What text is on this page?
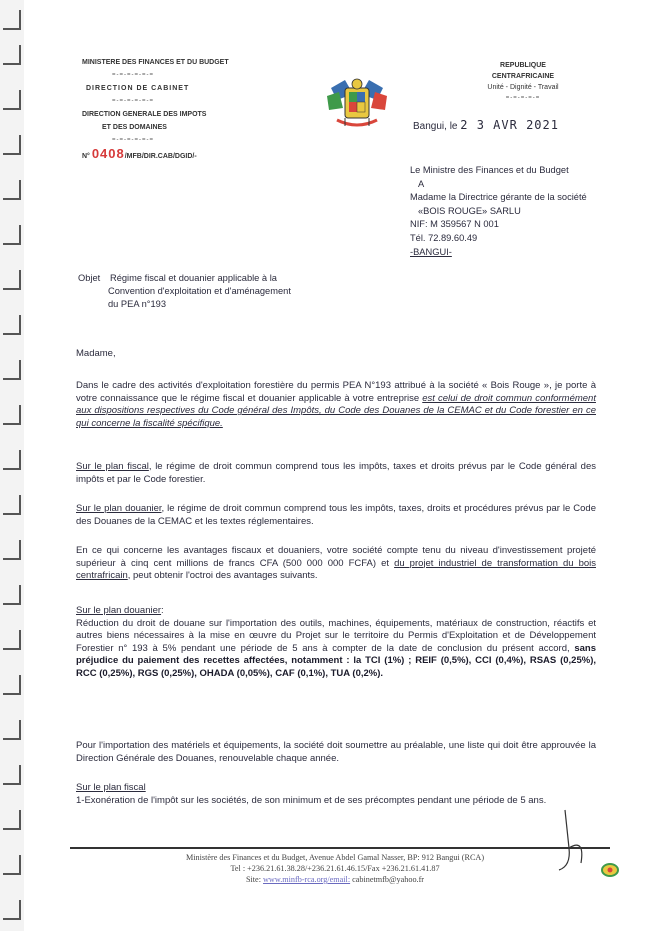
MINISTERE DES FINANCES ET DU BUDGET
=-=-=-=-=-=
DIRECTION DE CABINET
=-=-=-=-=-=
DIRECTION GENERALE DES IMPOTS
ET DES DOMAINES
=-=-=-=-=-=
N° 0408/MFB/DIR.CAB/DGID/-
REPUBLIQUE CENTRAFRICAINE
Unité - Dignité - Travail
=-=-=-=-=
Bangui, le 2 3 AVR 2021
Le Ministre des Finances et du Budget
A
Madame la Directrice gérante de la société
«BOIS ROUGE» SARLU
NIF: M 359567 N 001
Tél. 72.89.60.49
-BANGUI-
Objet Régime fiscal et douanier applicable à la
Convention d'exploitation et d'aménagement
du PEA n°193

Madame,

Dans le cadre des activités d'exploitation forestière du permis PEA N°193 attribué à la société « Bois Rouge », je porte à votre connaissance que le régime fiscal et douanier applicable à votre entreprise est celui de droit commun conformément aux dispositions respectives du Code général des Impôts, du Code des Douanes de la CEMAC et du Code forestier en ce qui concerne la fiscalité spécifique.

Sur le plan fiscal, le régime de droit commun comprend tous les impôts, taxes et droits prévus par le Code général des impôts et par le Code forestier.

Sur le plan douanier, le régime de droit commun comprend tous les impôts, taxes, droits et procédures prévus par le Code des Douanes de la CEMAC et les textes réglementaires.

En ce qui concerne les avantages fiscaux et douaniers, votre société compte tenu du niveau d'investissement projeté supérieur à cinq cent millions de francs CFA (500 000 000 FCFA) et du projet industriel de transformation du bois centrafricain, peut obtenir l'octroi des avantages suivants.

Sur le plan douanier:

Réduction du droit de douane sur l'importation des outils, machines, équipements, matériaux de construction, réactifs et autres biens nécessaires à la mise en œuvre du Projet sur le territoire du Permis d'Exploitation et de Développement Forestier n° 193 à 5% pendant une période de 5 ans à compter de la date de conclusion du présent accord, sans préjudice du paiement des recettes affectées, notamment : la TCI (1%) ; REIF (0,5%), CCI (0,4%), RSAS (0,25%), RCC (0,25%), RGS (0,25%), OHADA (0,05%), CAF (0,1%), TUA (0,2%).

Pour l'importation des matériels et équipements, la société doit soumettre au préalable, une liste qui doit être approuvée la Direction Générale des Douanes, renouvelable chaque année.

Sur le plan fiscal

1-Exonération de l'impôt sur les sociétés, de son minimum et de ses précomptes pendant une période de 5 ans.

Ministère des Finances et du Budget, Avenue Abdel Gamal Nasser, BP: 912 Bangui (RCA)
Tel : +236.21.61.38.28/+236.21.61.46.15/Fax +236.21.61.41.87
Site: www.minfb-rca.org/email: cabinetmfb@yahoo.fr
